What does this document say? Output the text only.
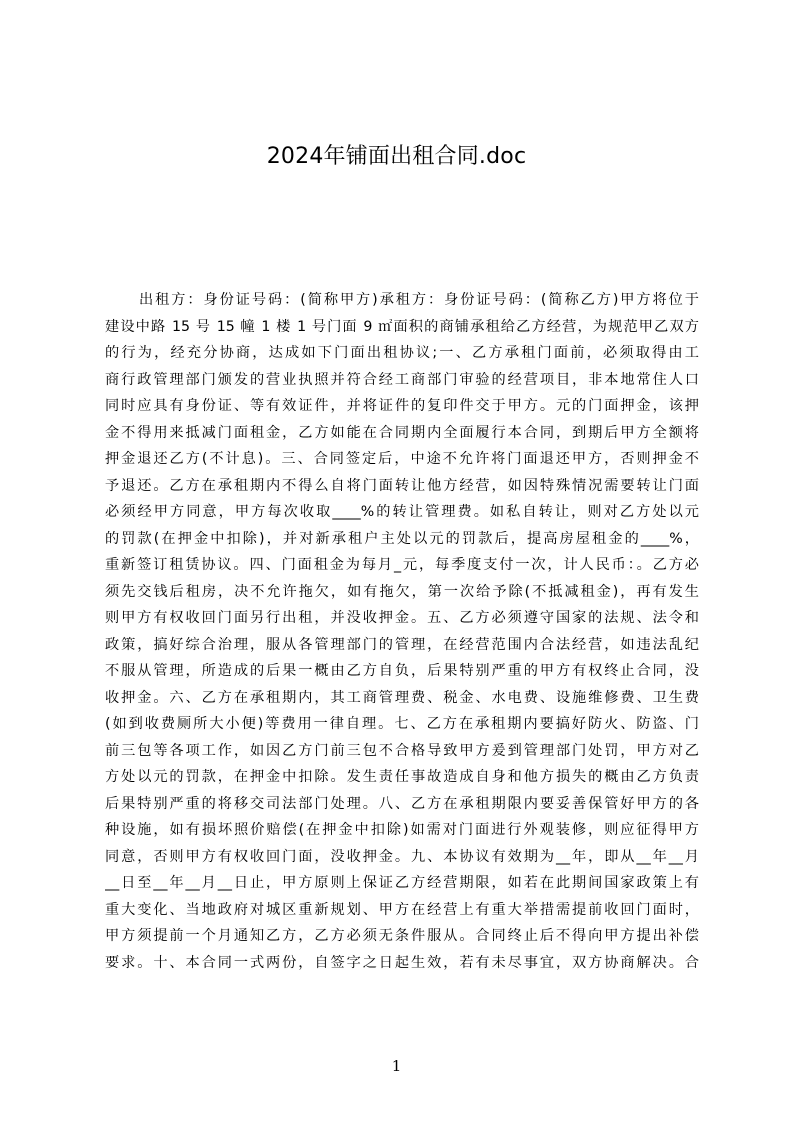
2024年铺面出租合同.doc
出租方：身份证号码：(简称甲方)承租方：身份证号码：(简称乙方)甲方将位于
建设中路 15 号 15 幢 1 楼 1 号门面 9 ㎡面积的商铺承租给乙方经营，为规范甲乙双方
的行为，经充分协商，达成如下门面出租协议;一、乙方承租门面前，必须取得由工
商行政管理部门颁发的营业执照并符合经工商部门审验的经营项目，非本地常住人口
同时应具有身份证、等有效证件，并将证件的复印件交于甲方。元的门面押金，该押
金不得用来抵减门面租金，乙方如能在合同期内全面履行本合同，到期后甲方全额将
押金退还乙方(不计息)。三、合同签定后，中途不允许将门面退还甲方，否则押金不
予退还。乙方在承租期内不得么自将门面转让他方经营，如因特殊情况需要转让门面
必须经甲方同意，甲方每次收取____%的转让管理费。如私自转让，则对乙方处以元
的罚款(在押金中扣除)，并对新承租户主处以元的罚款后，提高房屋租金的____%，
重新签订租赁协议。四、门面租金为每月_元，每季度支付一次，计人民币：。乙方必
须先交钱后租房，决不允许拖欠，如有拖欠，第一次给予除(不抵减租金)，再有发生
则甲方有权收回门面另行出租，并没收押金。五、乙方必须遵守国家的法规、法令和
政策，搞好综合治理，服从各管理部门的管理，在经营范围内合法经营，如违法乱纪
不服从管理，所造成的后果一概由乙方自负，后果特别严重的甲方有权终止合同，没
收押金。六、乙方在承租期内，其工商管理费、税金、水电费、设施维修费、卫生费
(如到收费厕所大小便)等费用一律自理。七、乙方在承租期内要搞好防火、防盗、门
前三包等各项工作，如因乙方门前三包不合格导致甲方爰到管理部门处罚，甲方对乙
方处以元的罚款，在押金中扣除。发生责任事故造成自身和他方损失的概由乙方负责
后果特别严重的将移交司法部门处理。八、乙方在承租期限内要妥善保管好甲方的各
种设施，如有损坏照价赔偿(在押金中扣除)如需对门面进行外观装修，则应征得甲方
同意，否则甲方有权收回门面，没收押金。九、本协议有效期为__年，即从__年__月
__日至__年__月__日止，甲方原则上保证乙方经营期限，如若在此期间国家政策上有
重大变化、当地政府对城区重新规划、甲方在经营上有重大举措需提前收回门面时，
甲方须提前一个月通知乙方，乙方必须无条件服从。合同终止后不得向甲方提出补偿
要求。十、本合同一式两份，自签字之日起生效，若有未尽事宜，双方协商解决。合
1
